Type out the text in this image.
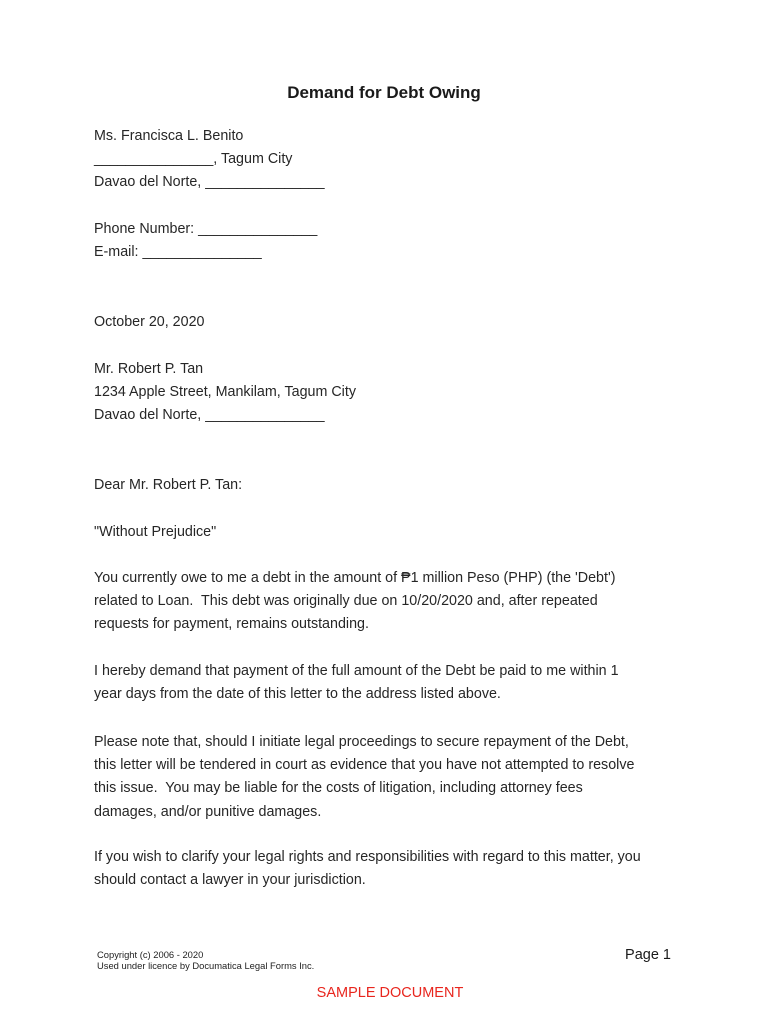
Demand for Debt Owing
Ms. Francisca L. Benito
_______________, Tagum City
Davao del Norte, _______________
Phone Number: _______________
E-mail: _______________
October 20, 2020
Mr. Robert P. Tan
1234 Apple Street, Mankilam, Tagum City
Davao del Norte, _______________
Dear Mr. Robert P. Tan:
"Without Prejudice"
You currently owe to me a debt in the amount of ₱1 million Peso (PHP) (the 'Debt')
related to Loan.  This debt was originally due on 10/20/2020 and, after repeated
requests for payment, remains outstanding.
I hereby demand that payment of the full amount of the Debt be paid to me within 1
year days from the date of this letter to the address listed above.
Please note that, should I initiate legal proceedings to secure repayment of the Debt,
this letter will be tendered in court as evidence that you have not attempted to resolve
this issue.  You may be liable for the costs of litigation, including attorney fees
damages, and/or punitive damages.
If you wish to clarify your legal rights and responsibilities with regard to this matter, you
should contact a lawyer in your jurisdiction.
Copyright (c) 2006 - 2020
Used under licence by Documatica Legal Forms Inc.
Page 1
SAMPLE DOCUMENT
